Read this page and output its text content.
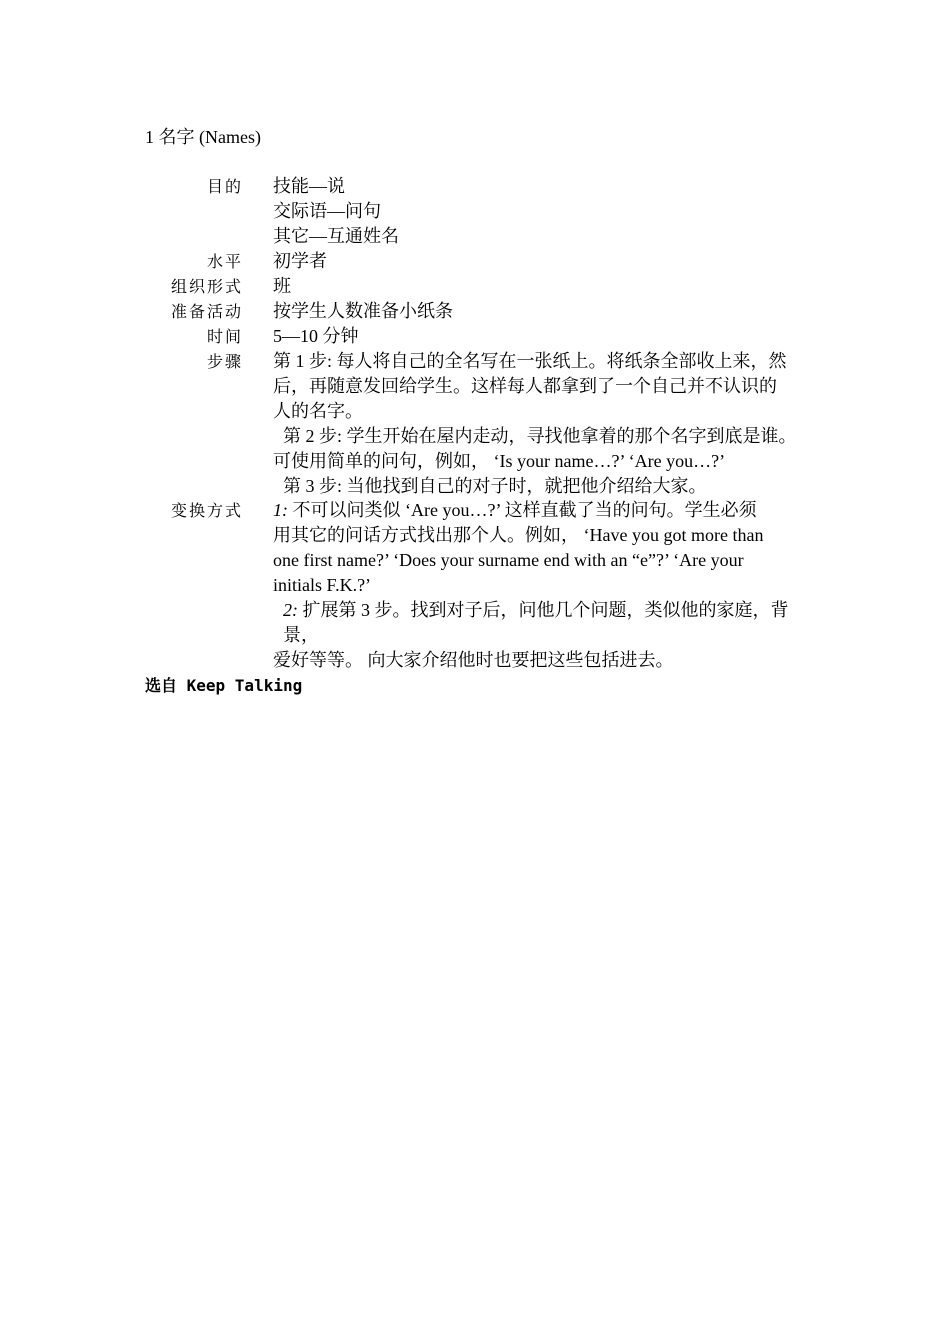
1 名字 (Names)
目的 技能—说
交际语—问句
其它—互通姓名
水平 初学者
组织形式 班
准备活动 按学生人数准备小纸条
时间 5—10 分钟
步骤 第 1 步: 每人将自己的全名写在一张纸上。将纸条全部收上来，然
后，再随意发回给学生。这样每人都拿到了一个自己并不认识的
人的名字。
第 2 步: 学生开始在屋内走动，寻找他拿着的那个名字到底是谁。
可使用简单的问句，例如， ‘Is your name…?’ ‘Are you…?’
第 3 步: 当他找到自己的对子时，就把他介绍给大家。
变换方式 1: 不可以问类似 ‘Are you…?’ 这样直截了当的问句。学生必须
用其它的问话方式找出那个人。例如， ‘Have you got more than
one first name?’ ‘Does your surname end with an “e”?’ ‘Are your
initials F.K.?’
2: 扩展第 3 步。找到对子后，问他几个问题，类似他的家庭，背景，
爱好等等。 向大家介绍他时也要把这些包括进去。
选自 Keep Talking
